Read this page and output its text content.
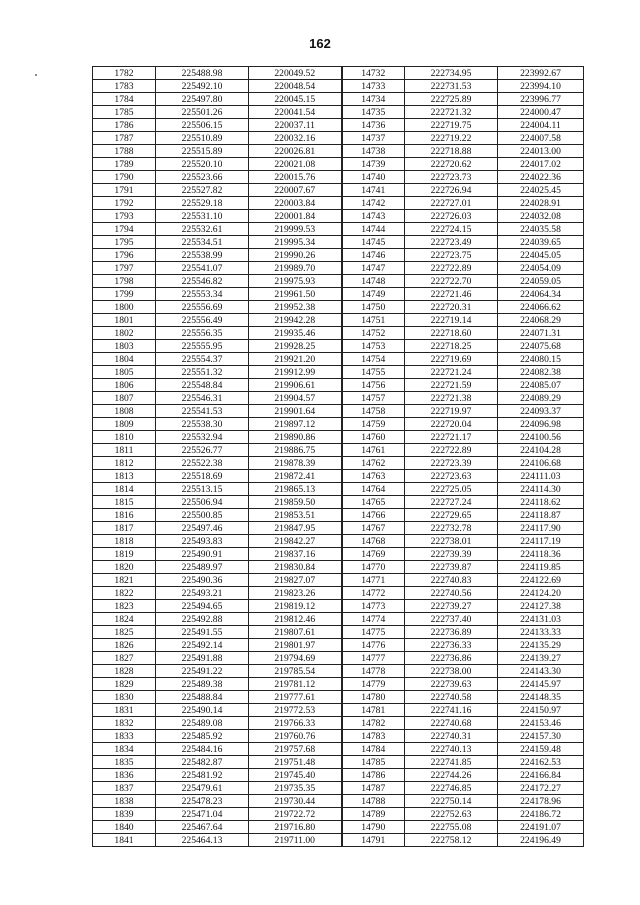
162
1782	225488.98	220049.52	14732	222734.95	223992.67
1783	225492.10	220048.54	14733	222731.53	223994.10
1784	225497.80	220045.15	14734	222725.89	223996.77
1785	225501.26	220041.54	14735	222721.32	224000.47
1786	225506.15	220037.11	14736	222719.75	224004.11
1787	225510.89	220032.16	14737	222719.22	224007.58
1788	225515.89	220026.81	14738	222718.88	224013.00
1789	225520.10	220021.08	14739	222720.62	224017.02
1790	225523.66	220015.76	14740	222723.73	224022.36
1791	225527.82	220007.67	14741	222726.94	224025.45
1792	225529.18	220003.84	14742	222727.01	224028.91
1793	225531.10	220001.84	14743	222726.03	224032.08
1794	225532.61	219999.53	14744	222724.15	224035.58
1795	225534.51	219995.34	14745	222723.49	224039.65
1796	225538.99	219990.26	14746	222723.75	224045.05
1797	225541.07	219989.70	14747	222722.89	224054.09
1798	225546.82	219975.93	14748	222722.70	224059.05
1799	225553.34	219961.50	14749	222721.46	224064.34
1800	225556.69	219952.38	14750	222720.31	224066.62
1801	225556.49	219942.28	14751	222719.14	224068.29
1802	225556.35	219935.46	14752	222718.60	224071.31
1803	225555.95	219928.25	14753	222718.25	224075.68
1804	225554.37	219921.20	14754	222719.69	224080.15
1805	225551.32	219912.99	14755	222721.24	224082.38
1806	225548.84	219906.61	14756	222721.59	224085.07
1807	225546.31	219904.57	14757	222721.38	224089.29
1808	225541.53	219901.64	14758	222719.97	224093.37
1809	225538.30	219897.12	14759	222720.04	224096.98
1810	225532.94	219890.86	14760	222721.17	224100.56
1811	225526.77	219886.75	14761	222722.89	224104.28
1812	225522.38	219878.39	14762	222723.39	224106.68
1813	225518.69	219872.41	14763	222723.63	224111.03
1814	225513.15	219865.13	14764	222725.05	224114.30
1815	225506.94	219859.50	14765	222727.24	224118.62
1816	225500.85	219853.51	14766	222729.65	224118.87
1817	225497.46	219847.95	14767	222732.78	224117.90
1818	225493.83	219842.27	14768	222738.01	224117.19
1819	225490.91	219837.16	14769	222739.39	224118.36
1820	225489.97	219830.84	14770	222739.87	224119.85
1821	225490.36	219827.07	14771	222740.83	224122.69
1822	225493.21	219823.26	14772	222740.56	224124.20
1823	225494.65	219819.12	14773	222739.27	224127.38
1824	225492.88	219812.46	14774	222737.40	224131.03
1825	225491.55	219807.61	14775	222736.89	224133.33
1826	225492.14	219801.97	14776	222736.33	224135.29
1827	225491.88	219794.69	14777	222736.86	224139.27
1828	225491.22	219785.54	14778	222738.00	224143.30
1829	225489.38	219781.12	14779	222739.63	224145.97
1830	225488.84	219777.61	14780	222740.58	224148.35
1831	225490.14	219772.53	14781	222741.16	224150.97
1832	225489.08	219766.33	14782	222740.68	224153.46
1833	225485.92	219760.76	14783	222740.31	224157.30
1834	225484.16	219757.68	14784	222740.13	224159.48
1835	225482.87	219751.48	14785	222741.85	224162.53
1836	225481.92	219745.40	14786	222744.26	224166.84
1837	225479.61	219735.35	14787	222746.85	224172.27
1838	225478.23	219730.44	14788	222750.14	224178.96
1839	225471.04	219722.72	14789	222752.63	224186.72
1840	225467.64	219716.80	14790	222755.08	224191.07
1841	225464.13	219711.00	14791	222758.12	224196.49
